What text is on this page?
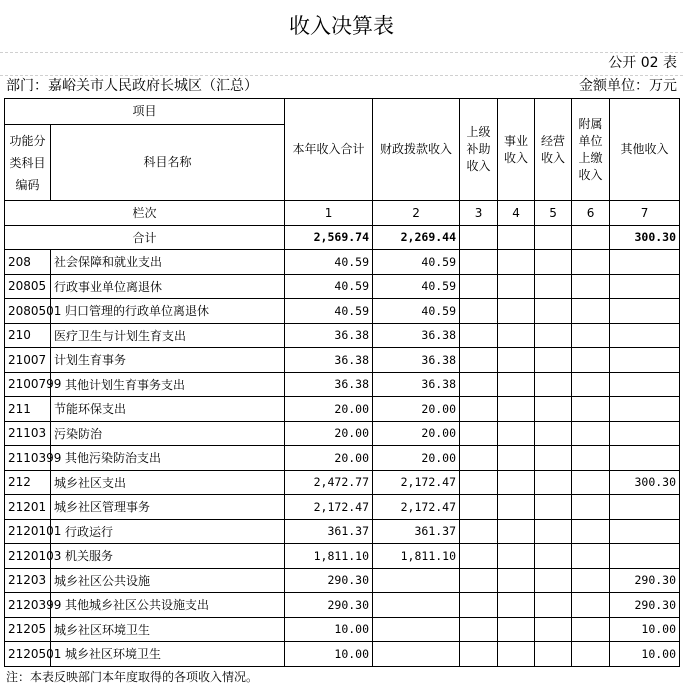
收入决算表
公开 02 表
部门：嘉峪关市人民政府长城区（汇总）	金额单位：万元
项目		本年收入合计	财政拨款收入	上级补助收入	事业收入	经营收入	附属单位上缴收入	其他收入
功能分类科目编码	科目名称							
栏次		1	2	3	4	5	6	7
合计		2,569.74	2,269.44					300.30
208	社会保障和就业支出	40.59	40.59					
20805	行政事业单位离退休	40.59	40.59					
2080501	归口管理的行政单位离退休	40.59	40.59					
210	医疗卫生与计划生育支出	36.38	36.38					
21007	计划生育事务	36.38	36.38					
2100799	其他计划生育事务支出	36.38	36.38					
211	节能环保支出	20.00	20.00					
21103	污染防治	20.00	20.00					
2110399	其他污染防治支出	20.00	20.00					
212	城乡社区支出	2,472.77	2,172.47					300.30
21201	城乡社区管理事务	2,172.47	2,172.47					
2120101	行政运行	361.37	361.37					
2120103	机关服务	1,811.10	1,811.10					
21203	城乡社区公共设施	290.30						290.30
2120399	其他城乡社区公共设施支出	290.30						290.30
21205	城乡社区环境卫生	10.00						10.00
2120501	城乡社区环境卫生	10.00						10.00
注：本表反映部门本年度取得的各项收入情况。
